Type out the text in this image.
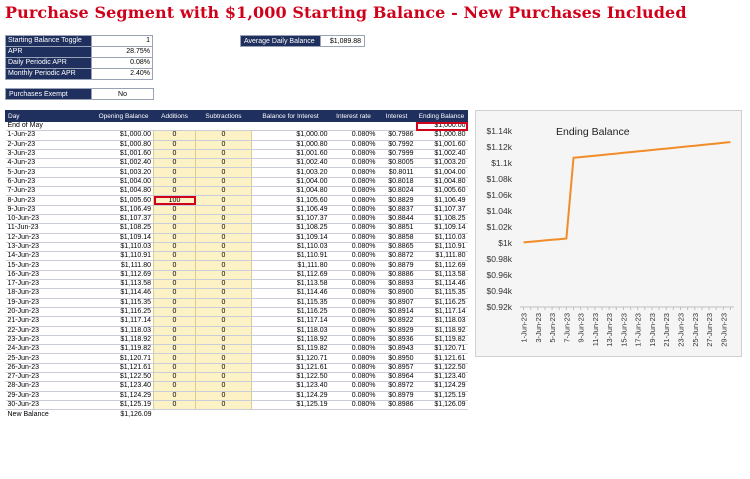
Purchase Segment with $1,000 Starting Balance - New Purchases Included
Starting Balance Toggle	1
APR	28.75%
Daily Periodic APR	0.08%
Monthly Periodic APR	2.40%
Average Daily Balance	$1,089.88
Purchases Exempt	No
Day	Opening Balance	Additions	Subtractions	Balance for Interest	Interest rate	Interest	Ending Balance
End of May							$1,000.00
1-Jun-23	$1,000.00	0	0	$1,000.00	0.080%	$0.7986	$1,000.80
2-Jun-23	$1,000.80	0	0	$1,000.80	0.080%	$0.7992	$1,001.60
3-Jun-23	$1,001.60	0	0	$1,001.60	0.080%	$0.7999	$1,002.40
4-Jun-23	$1,002.40	0	0	$1,002.40	0.080%	$0.8005	$1,003.20
5-Jun-23	$1,003.20	0	0	$1,003.20	0.080%	$0.8011	$1,004.00
6-Jun-23	$1,004.00	0	0	$1,004.00	0.080%	$0.8018	$1,004.80
7-Jun-23	$1,004.80	0	0	$1,004.80	0.080%	$0.8024	$1,005.60
8-Jun-23	$1,005.60	100	0	$1,105.60	0.080%	$0.8829	$1,106.49
9-Jun-23	$1,106.49	0	0	$1,106.49	0.080%	$0.8837	$1,107.37
10-Jun-23	$1,107.37	0	0	$1,107.37	0.080%	$0.8844	$1,108.25
11-Jun-23	$1,108.25	0	0	$1,108.25	0.080%	$0.8851	$1,109.14
12-Jun-23	$1,109.14	0	0	$1,109.14	0.080%	$0.8858	$1,110.03
13-Jun-23	$1,110.03	0	0	$1,110.03	0.080%	$0.8865	$1,110.91
14-Jun-23	$1,110.91	0	0	$1,110.91	0.080%	$0.8872	$1,111.80
15-Jun-23	$1,111.80	0	0	$1,111.80	0.080%	$0.8879	$1,112.69
16-Jun-23	$1,112.69	0	0	$1,112.69	0.080%	$0.8886	$1,113.58
17-Jun-23	$1,113.58	0	0	$1,113.58	0.080%	$0.8893	$1,114.46
18-Jun-23	$1,114.46	0	0	$1,114.46	0.080%	$0.8900	$1,115.35
19-Jun-23	$1,115.35	0	0	$1,115.35	0.080%	$0.8907	$1,116.25
20-Jun-23	$1,116.25	0	0	$1,116.25	0.080%	$0.8914	$1,117.14
21-Jun-23	$1,117.14	0	0	$1,117.14	0.080%	$0.8922	$1,118.03
22-Jun-23	$1,118.03	0	0	$1,118.03	0.080%	$0.8929	$1,118.92
23-Jun-23	$1,118.92	0	0	$1,118.92	0.080%	$0.8936	$1,119.82
24-Jun-23	$1,119.82	0	0	$1,119.82	0.080%	$0.8943	$1,120.71
25-Jun-23	$1,120.71	0	0	$1,120.71	0.080%	$0.8950	$1,121.61
26-Jun-23	$1,121.61	0	0	$1,121.61	0.080%	$0.8957	$1,122.50
27-Jun-23	$1,122.50	0	0	$1,122.50	0.080%	$0.8964	$1,123.40
28-Jun-23	$1,123.40	0	0	$1,123.40	0.080%	$0.8972	$1,124.29
29-Jun-23	$1,124.29	0	0	$1,124.29	0.080%	$0.8979	$1,125.19
30-Jun-23	$1,125.19	0	0	$1,125.19	0.080%	$0.8986	$1,126.09
New Balance	$1,126.09						
Ending Balance
$0.92k
$0.94k
$0.96k
$0.98k
$1k
$1.02k
$1.04k
$1.06k
$1.08k
$1.1k
$1.12k
$1.14k
1-Jun-23 3-Jun-23 5-Jun-23 7-Jun-23 9-Jun-23 11-Jun-23 13-Jun-23 15-Jun-23 17-Jun-23 19-Jun-23 21-Jun-23 23-Jun-23 25-Jun-23 27-Jun-23 29-Jun-23
